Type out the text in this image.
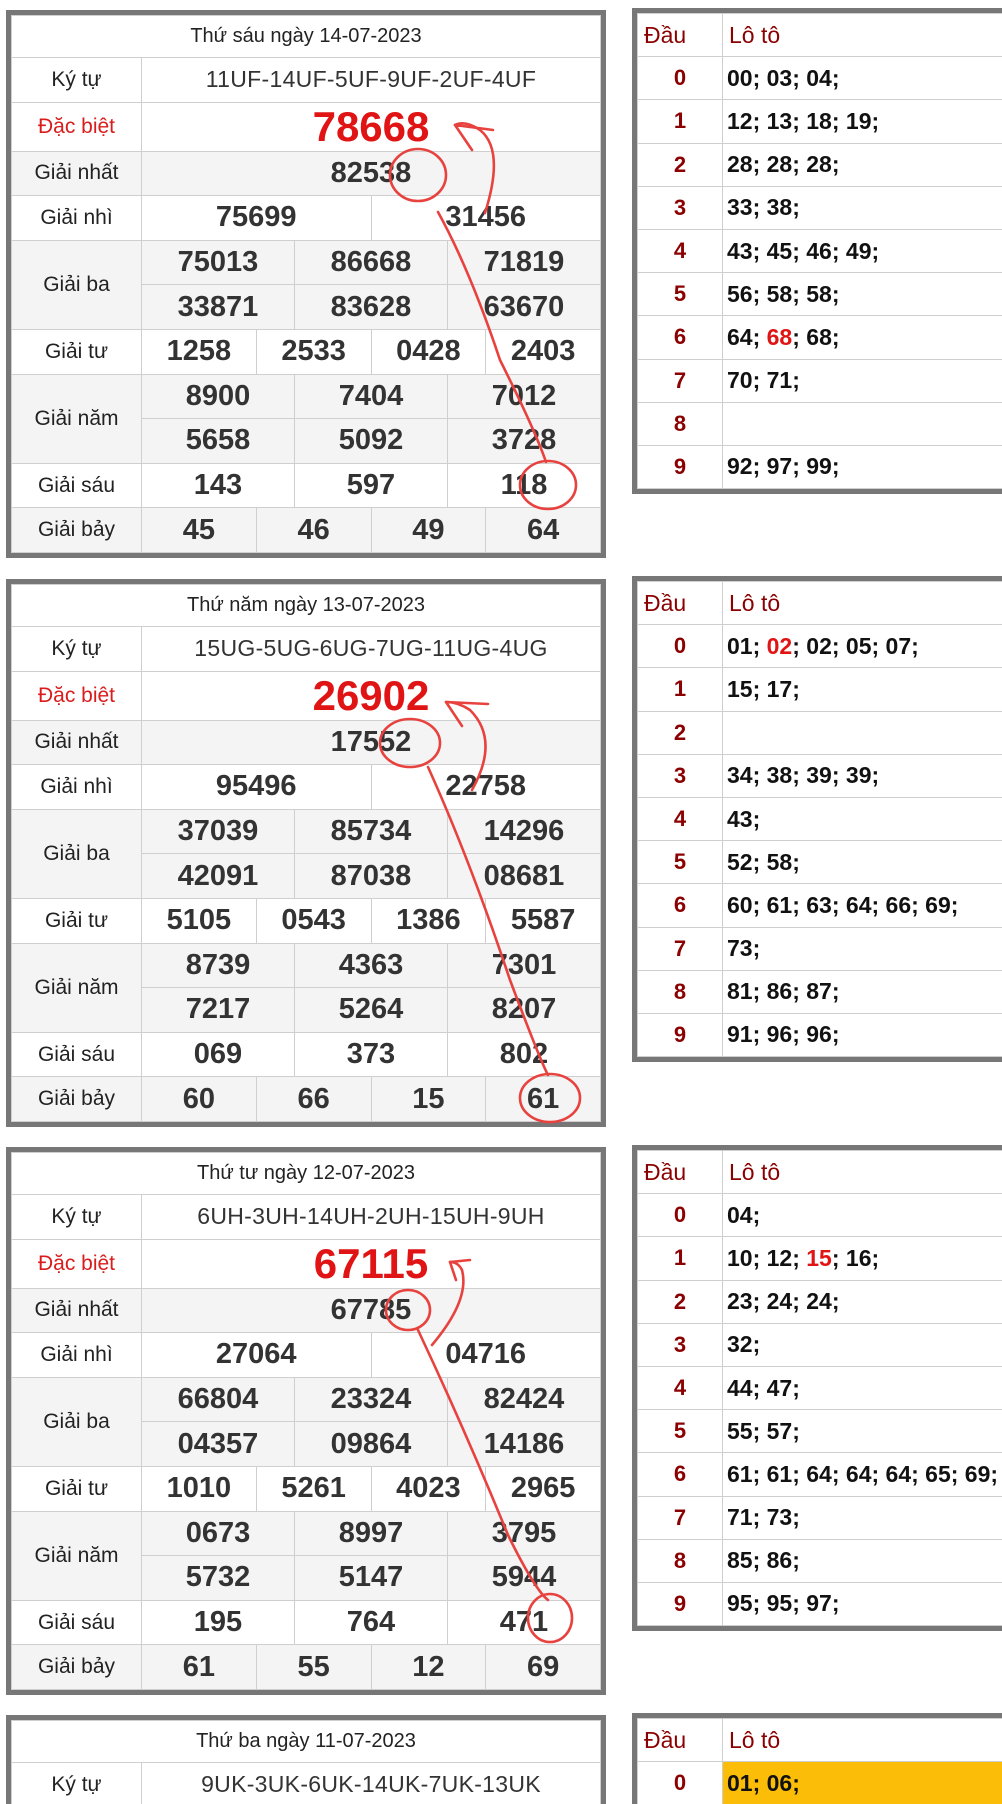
Thứ sáu ngày 14-07-2023						
Ký tự	11UF-14UF-5UF-9UF-2UF-4UF					
Đặc biệt	78668					
Giải nhất	82538					
Giải nhì	75699			31456		
Giải ba	75013		86668		71819	
	33871		83628		63670	
Giải tư	1258	2533		0428		2403
Giải năm	8900		7404		7012	
	5658		5092		3728	
Giải sáu	143		597		118	
Giải bảy	45	46		49		64
Đầu	Lô tô
0	00; 03; 04;
1	12; 13; 18; 19;
2	28; 28; 28;
3	33; 38;
4	43; 45; 46; 49;
5	56; 58; 58;
6	64; 68; 68;
7	70; 71;
8	
9	92; 97; 99;
Thứ năm ngày 13-07-2023						
Ký tự	15UG-5UG-6UG-7UG-11UG-4UG					
Đặc biệt	26902					
Giải nhất	17552					
Giải nhì	95496			22758		
Giải ba	37039		85734		14296	
	42091		87038		08681	
Giải tư	5105	0543		1386		5587
Giải năm	8739		4363		7301	
	7217		5264		8207	
Giải sáu	069		373		802	
Giải bảy	60	66		15		61
Đầu	Lô tô
0	01; 02; 02; 05; 07;
1	15; 17;
2	
3	34; 38; 39; 39;
4	43;
5	52; 58;
6	60; 61; 63; 64; 66; 69;
7	73;
8	81; 86; 87;
9	91; 96; 96;
Thứ tư ngày 12-07-2023						
Ký tự	6UH-3UH-14UH-2UH-15UH-9UH					
Đặc biệt	67115					
Giải nhất	67785					
Giải nhì	27064			04716		
Giải ba	66804		23324		82424	
	04357		09864		14186	
Giải tư	1010	5261		4023		2965
Giải năm	0673		8997		3795	
	5732		5147		5944	
Giải sáu	195		764		471	
Giải bảy	61	55		12		69
Đầu	Lô tô
0	04;
1	10; 12; 15; 16;
2	23; 24; 24;
3	32;
4	44; 47;
5	55; 57;
6	61; 61; 64; 64; 64; 65; 69;
7	71; 73;
8	85; 86;
9	95; 95; 97;
Thứ ba ngày 11-07-2023
Ký tự	9UK-3UK-6UK-14UK-7UK-13UK
Đầu	Lô tô
0	01; 06;
